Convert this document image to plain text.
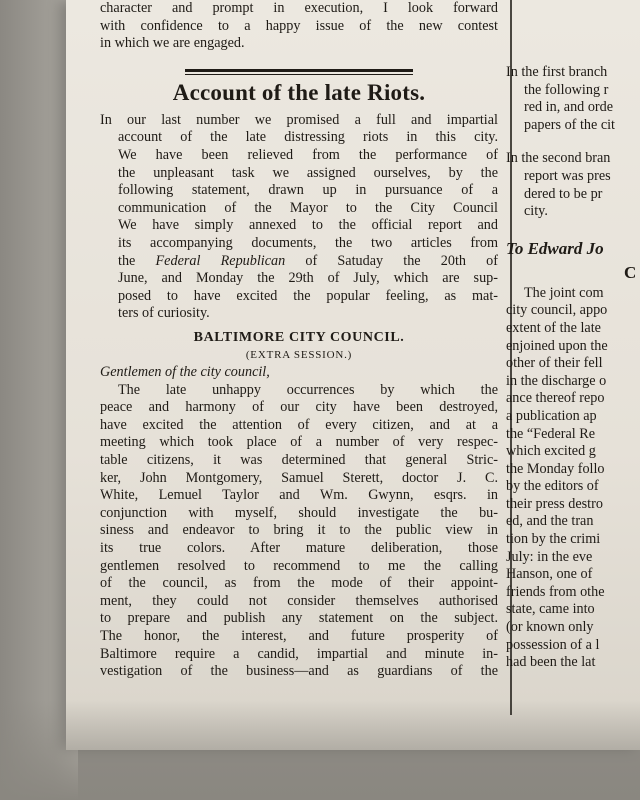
character and prompt in execution, I look forward
with confidence to a happy issue of the new contest
in which we are engaged.
Account of the late Riots.
In our last number we promised a full and impartial
account of the late distressing riots in this city.
We have been relieved from the performance of
the unpleasant task we assigned ourselves, by the
following statement, drawn up in pursuance of a
communication of the Mayor to the City Council
We have simply annexed to the official report and
its accompanying documents, the two articles from
the Federal Republican of Satuday the 20th of
June, and Monday the 29th of July, which are sup-
posed to have excited the popular feeling, as mat-
ters of curiosity.
BALTIMORE CITY COUNCIL.
(EXTRA SESSION.)
Gentlemen of the city council,
The late unhappy occurrences by which the
peace and harmony of our city have been destroyed,
have excited the attention of every citizen, and at a
meeting which took place of a number of very respec-
table citizens, it was determined that general Stric-
ker, John Montgomery, Samuel Sterett, doctor J. C.
White, Lemuel Taylor and Wm. Gwynn, esqrs. in
conjunction with myself, should investigate the bu-
siness and endeavor to bring it to the public view in
its true colors. After mature deliberation, those
gentlemen resolved to recommend to me the calling
of the council, as from the mode of their appoint-
ment, they could not consider themselves authorised
to prepare and publish any statement on the subject.
The honor, the interest, and future prosperity of
Baltimore require a candid, impartial and minute in-
vestigation of the business—and as guardians of the
In the first branch
the following r
red in, and orde
papers of the cit
In the second bran
report was pres
dered to be pr
city.
To Edward Jo
C
The joint com
city council, appo
extent of the late
enjoined upon the
other of their fell
in the discharge o
ance thereof repo
a publication ap
the “Federal Re
which excited g
the Monday follo
by the editors of
their press destro
ed, and the tran
tion by the crimi
July: in the eve
Hanson, one of
friends from othe
state, came into
(or known only
possession of a l
had been the lat
